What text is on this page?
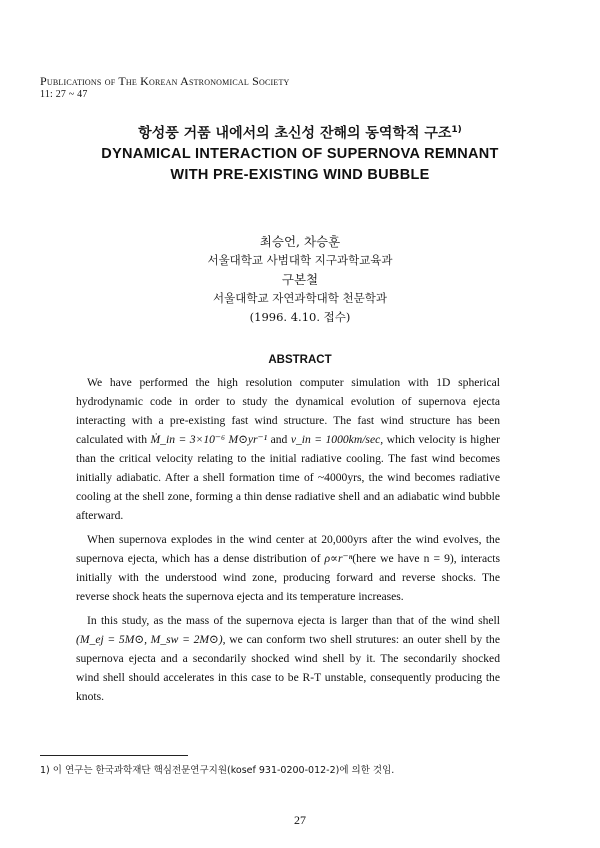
Publications of The Korean Astronomical Society
11: 27 ~ 47
항성풍 거품 내에서의 초신성 잔해의 동역학적 구조$^{1)}$
DYNAMICAL INTERACTION OF SUPERNOVA REMNANT
WITH PRE-EXISTING WIND BUBBLE
최승언, 차승훈
서울대학교 사범대학 지구과학교육과
구본철
서울대학교 자연과학대학 천문학과
(1996. 4.10. 접수)
ABSTRACT

We have performed the high resolution computer simulation with 1D spherical hydrodynamic code in order to study the dynamical evolution of supernova ejecta interacting with a pre-existing fast wind structure. The fast wind structure has been calculated with Ṁ_in = 3×10⁻⁶ M⊙yr⁻¹ and v_in = 1000km/sec, which velocity is higher than the critical velocity relating to the initial radiative cooling. The fast wind becomes initially adiabatic. After a shell formation time of ~4000yrs, the wind becomes radiative cooling at the shell zone, forming a thin dense radiative shell and an adiabatic wind bubble afterward.

When supernova explodes in the wind center at 20,000yrs after the wind evolves, the supernova ejecta, which has a dense distribution of ρ∝r⁻ⁿ(here we have n = 9), interacts initially with the understood wind zone, producing forward and reverse shocks. The reverse shock heats the supernova ejecta and its temperature increases.

In this study, as the mass of the supernova ejecta is larger than that of the wind shell (M_ej = 5M⊙, M_sw = 2M⊙), we can conform two shell strutures: an outer shell by the supernova ejecta and a secondarily shocked wind shell by it. The secondarily shocked wind shell should accelerates in this case to be R-T unstable, consequently producing the knots.

1) 이 연구는 한국과학재단 핵심전문연구지원(kosef 931-0200-012-2)에 의한 것임.
27
